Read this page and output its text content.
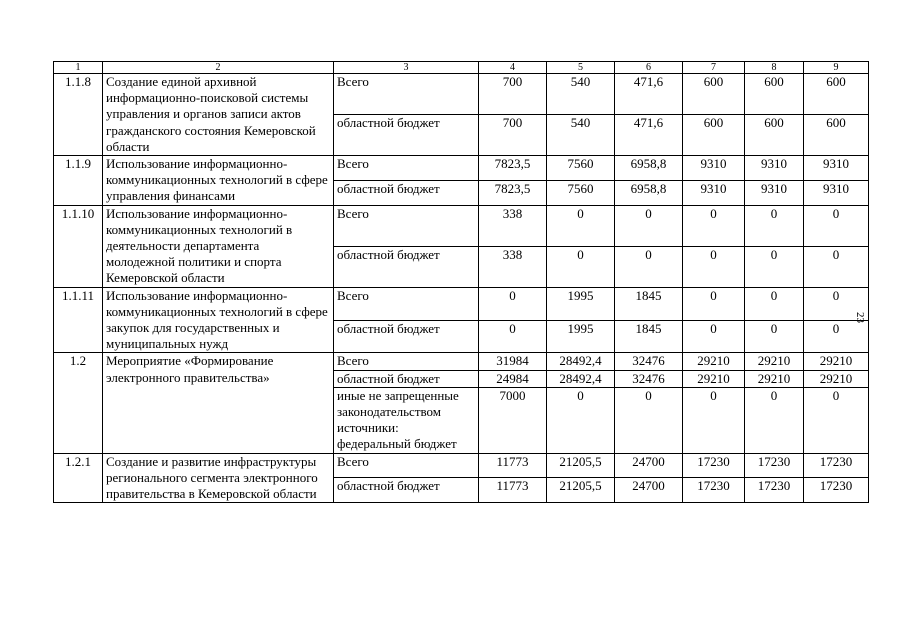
1	2	3	4	5	6	7	8	9
1.1.8	Создание единой архивной информационно-поисковой системы управления и органов записи актов гражданского состояния Кемеровской области	Всего	700	540	471,6	600	600	600
		областной бюджет	700	540	471,6	600	600	600
1.1.9	Использование информационно-коммуникационных технологий в сфере управления финансами	Всего	7823,5	7560	6958,8	9310	9310	9310
		областной бюджет	7823,5	7560	6958,8	9310	9310	9310
1.1.10	Использование информационно-коммуникационных технологий в деятельности департамента молодежной политики и спорта Кемеровской области	Всего	338	0	0	0	0	0
		областной бюджет	338	0	0	0	0	0
1.1.11	Использование информационно-коммуникационных технологий в сфере закупок для государственных и муниципальных нужд	Всего	0	1995	1845	0	0	0
		областной бюджет	0	1995	1845	0	0	0
1.2	Мероприятие «Формирование электронного правительства»	Всего	31984	28492,4	32476	29210	29210	29210
		областной бюджет	24984	28492,4	32476	29210	29210	29210
		иные не запрещенные законодательством источники: федеральный бюджет	7000	0	0	0	0	0
1.2.1	Создание и развитие инфраструктуры регионального сегмента электронного правительства в Кемеровской области	Всего	11773	21205,5	24700	17230	17230	17230
		областной бюджет	11773	21205,5	24700	17230	17230	17230
23
